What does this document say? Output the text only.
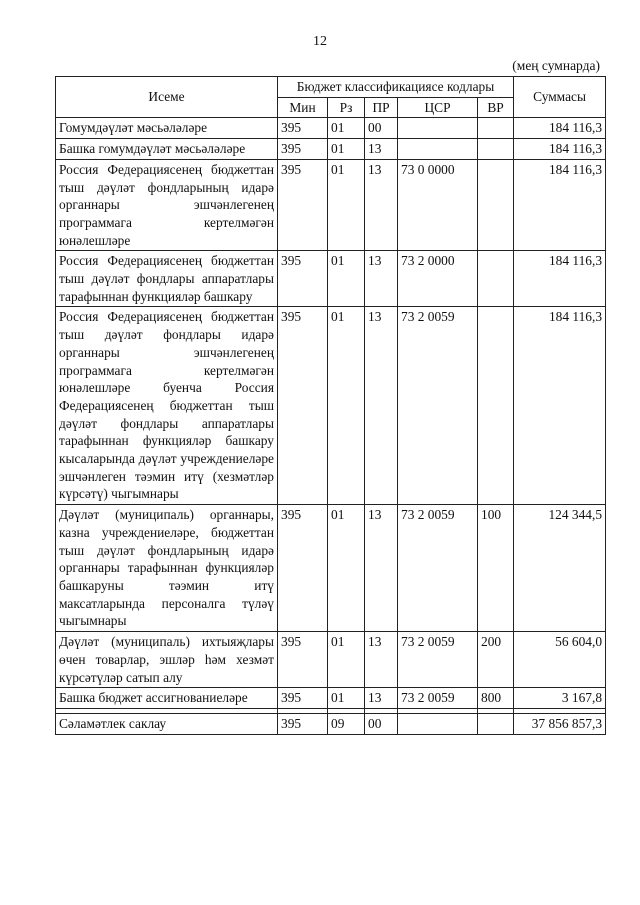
12
(мең сумнарда)
Исеме	Бюджет классификациясе кодлары					Суммасы
	Мин	Рз	ПР	ЦСР	ВР	
Гомумдәүләт мәсьәләләре	395	01	00			184 116,3
Башка гомумдәүләт мәсьәләләре	395	01	13			184 116,3
Россия Федерациясенең бюджеттан тыш дәүләт фондларының идарә органнары эшчәнлегенең программага кертелмәгән юнәлешләре	395	01	13	73 0 0000		184 116,3
Россия Федерациясенең бюджеттан тыш дәүләт фондлары аппаратлары тарафыннан функцияләр башкару	395	01	13	73 2 0000		184 116,3
Россия Федерациясенең бюджеттан тыш дәүләт фондлары идарә органнары эшчәнлегенең программага кертелмәгән юнәлешләре буенча Россия Федерациясенең бюджеттан тыш дәүләт фондлары аппаратлары тарафыннан функцияләр башкару кысаларында дәүләт учреждениеләре эшчәнлеген тәэмин итү (хезмәтләр күрсәтү) чыгымнары	395	01	13	73 2 0059		184 116,3
Дәүләт (муниципаль) органнары, казна учреждениеләре, бюджеттан тыш дәүләт фондларының идарә органнары тарафыннан функцияләр башкаруны тәэмин итү максатларында персоналга түләү чыгымнары	395	01	13	73 2 0059	100	124 344,5
Дәүләт (муниципаль) ихтыяҗлары өчен товарлар, эшләр һәм хезмәт күрсәтүләр сатып алу	395	01	13	73 2 0059	200	56 604,0
Башка бюджет ассигнованиеләре	395	01	13	73 2 0059	800	3 167,8

Сәламәтлек саклау	395	09	00			37 856 857,3
